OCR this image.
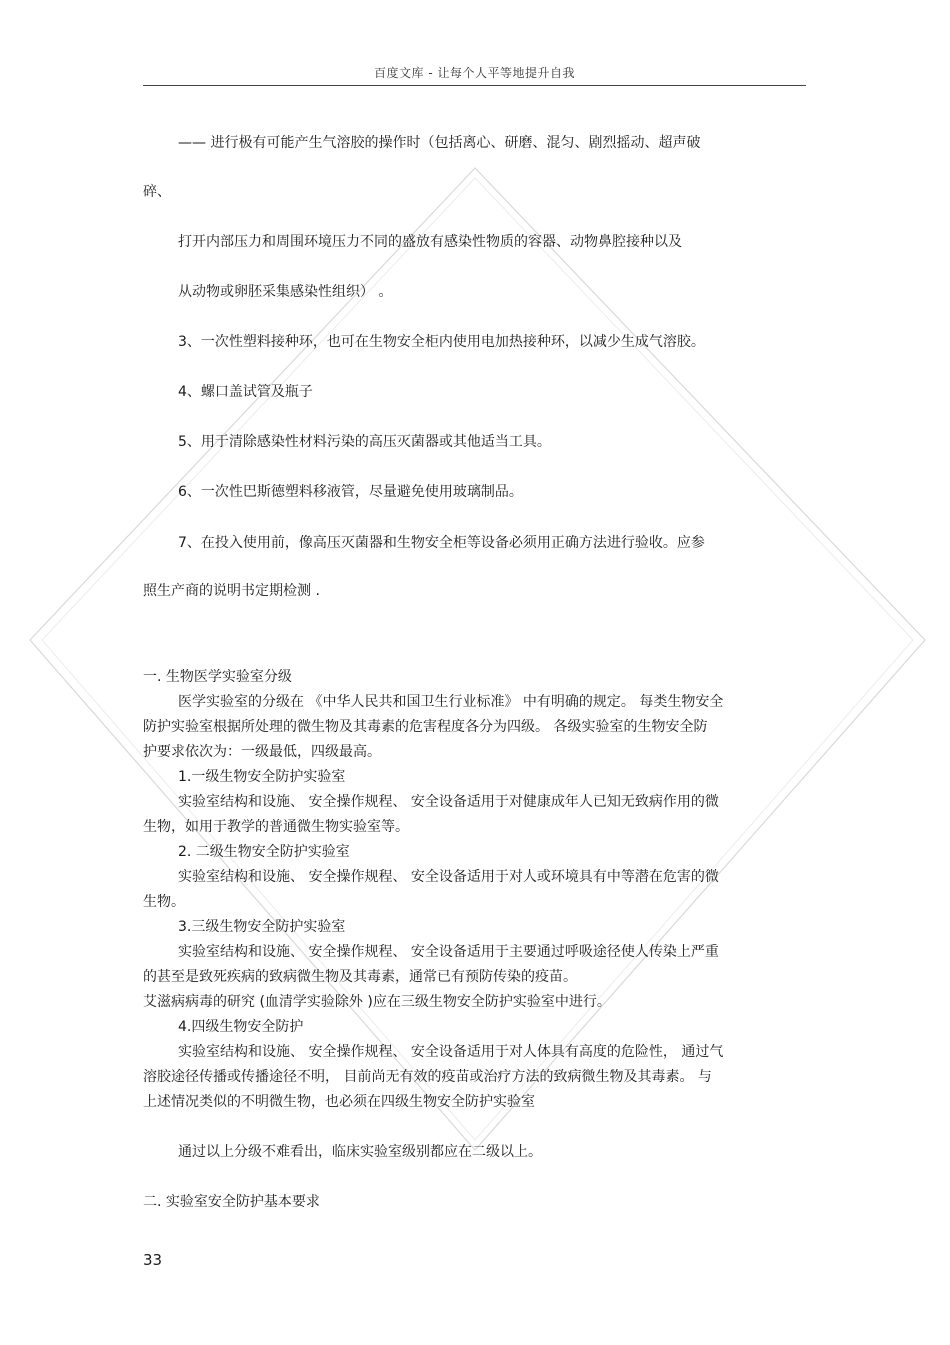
百度文库 - 让每个人平等地提升自我
—— 进行极有可能产生气溶胶的操作时（包括离心、研磨、混匀、剧烈摇动、超声破
碎、
打开内部压力和周围环境压力不同的盛放有感染性物质的容器、动物鼻腔接种以及
从动物或卵胚采集感染性组织） 。
3、一次性塑料接种环，也可在生物安全柜内使用电加热接种环，以减少生成气溶胶。
4、螺口盖试管及瓶子
5、用于清除感染性材料污染的高压灭菌器或其他适当工具。
6、一次性巴斯德塑料移液管，尽量避免使用玻璃制品。
7、在投入使用前，像高压灭菌器和生物安全柜等设备必须用正确方法进行验收。应参
照生产商的说明书定期检测 .
一. 生物医学实验室分级
医学实验室的分级在 《中华人民共和国卫生行业标准》 中有明确的规定。 每类生物安全
防护实验室根据所处理的微生物及其毒素的危害程度各分为四级。 各级实验室的生物安全防
护要求依次为：一级最低，四级最高。
1.一级生物安全防护实验室
实验室结构和设施、 安全操作规程、 安全设备适用于对健康成年人已知无致病作用的微
生物，如用于教学的普通微生物实验室等。
2. 二级生物安全防护实验室
实验室结构和设施、 安全操作规程、 安全设备适用于对人或环境具有中等潜在危害的微
生物。
3.三级生物安全防护实验室
实验室结构和设施、 安全操作规程、 安全设备适用于主要通过呼吸途径使人传染上严重
的甚至是致死疾病的致病微生物及其毒素，通常已有预防传染的疫苗。
艾滋病病毒的研究 (血清学实验除外 )应在三级生物安全防护实验室中进行。
4.四级生物安全防护
实验室结构和设施、 安全操作规程、 安全设备适用于对人体具有高度的危险性， 通过气
溶胶途径传播或传播途径不明， 目前尚无有效的疫苗或治疗方法的致病微生物及其毒素。 与
上述情况类似的不明微生物，也必须在四级生物安全防护实验室
通过以上分级不难看出，临床实验室级别都应在二级以上。
二. 实验室安全防护基本要求
33
